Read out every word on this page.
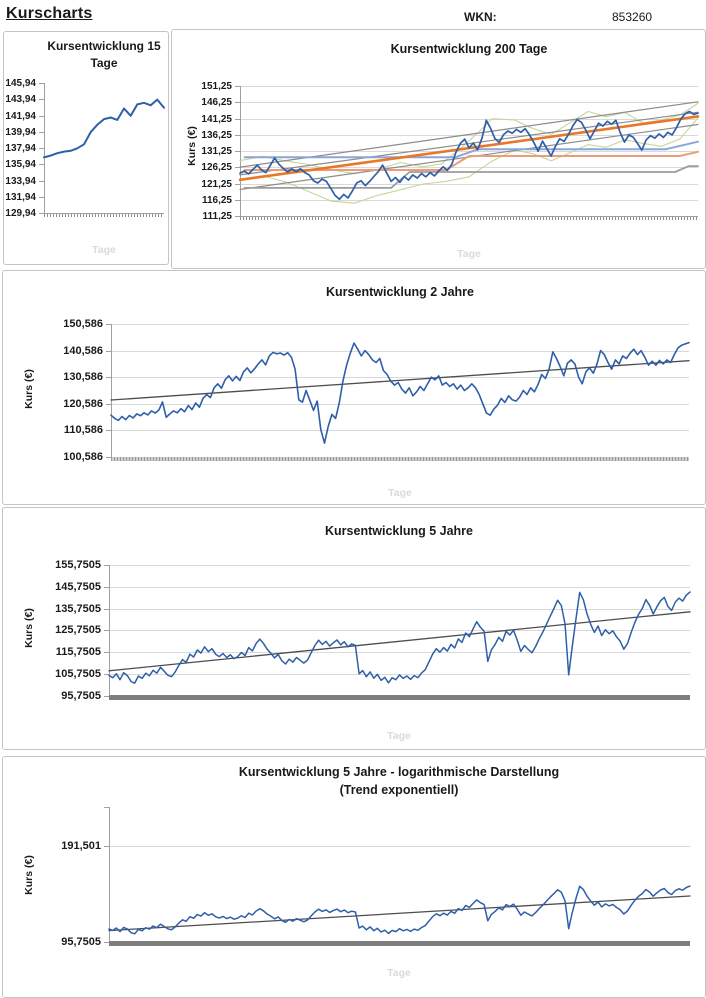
Kurscharts	WKN:	853260
Kursentwicklung 15 Tage
Tage
145,94
143,94
141,94
139,94
137,94
135,94
133,94
131,94
129,94
Kursentwicklung 200 Tage
Kurs (€)
Tage
151,25
146,25
141,25
136,25
131,25
126,25
121,25
116,25
111,25
Kursentwicklung 2 Jahre
Kurs (€)
Tage
150,586
140,586
130,586
120,586
110,586
100,586
Kursentwicklung 5 Jahre
Kurs (€)
Tage
155,7505
145,7505
135,7505
125,7505
115,7505
105,7505
95,7505
Kursentwicklung 5 Jahre - logarithmische Darstellung
(Trend exponentiell)
Kurs (€)
Tage
191,501
95,7505
